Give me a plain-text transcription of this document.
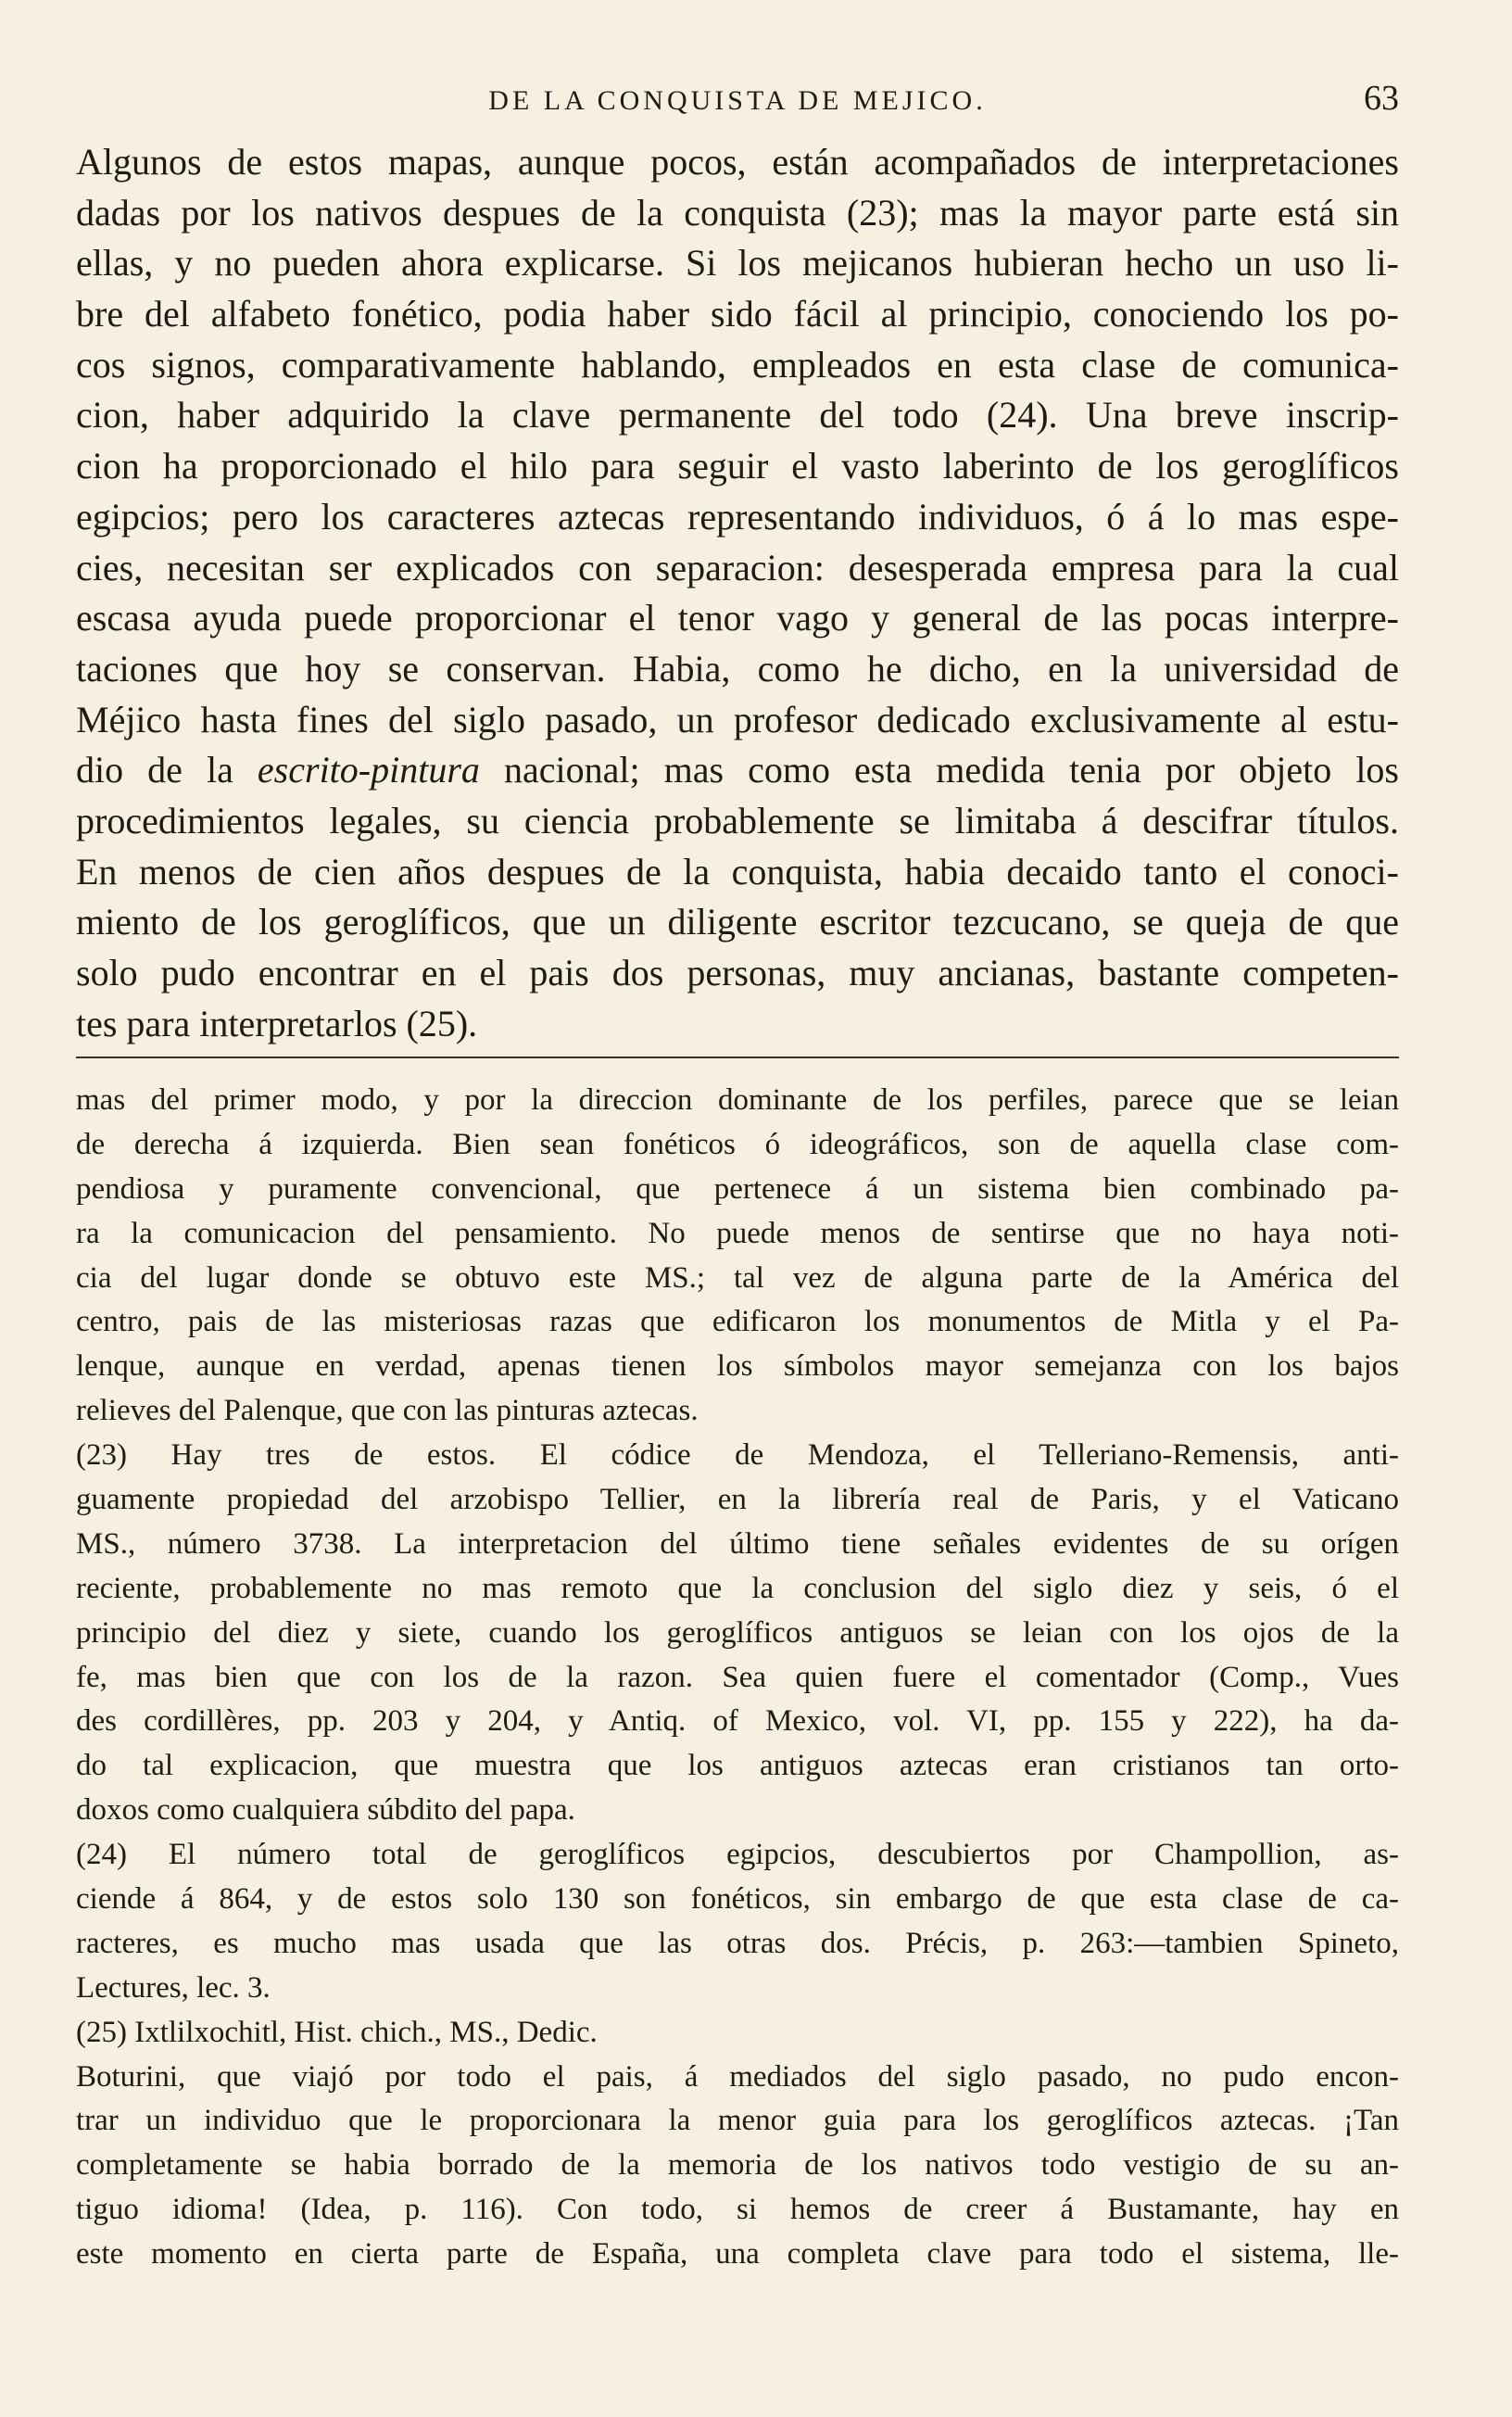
DE LA CONQUISTA DE MEJICO.	63
Algunos de estos mapas, aunque pocos, están acompañados de interpretaciones
dadas por los nativos despues de la conquista (23); mas la mayor parte está sin
ellas, y no pueden ahora explicarse. Si los mejicanos hubieran hecho un uso li-
bre del alfabeto fonético, podia haber sido fácil al principio, conociendo los po-
cos signos, comparativamente hablando, empleados en esta clase de comunica-
cion, haber adquirido la clave permanente del todo (24). Una breve inscrip-
cion ha proporcionado el hilo para seguir el vasto laberinto de los geroglíficos
egipcios; pero los caracteres aztecas representando individuos, ó á lo mas espe-
cies, necesitan ser explicados con separacion: desesperada empresa para la cual
escasa ayuda puede proporcionar el tenor vago y general de las pocas interpre-
taciones que hoy se conservan. Habia, como he dicho, en la universidad de
Méjico hasta fines del siglo pasado, un profesor dedicado exclusivamente al estu-
dio de la escrito-pintura nacional; mas como esta medida tenia por objeto los
procedimientos legales, su ciencia probablemente se limitaba á descifrar títulos.
En menos de cien años despues de la conquista, habia decaido tanto el conoci-
miento de los geroglíficos, que un diligente escritor tezcucano, se queja de que
solo pudo encontrar en el pais dos personas, muy ancianas, bastante competen-
tes para interpretarlos (25).
mas del primer modo, y por la direccion dominante de los perfiles, parece que se leian
de derecha á izquierda. Bien sean fonéticos ó ideográficos, son de aquella clase com-
pendiosa y puramente convencional, que pertenece á un sistema bien combinado pa-
ra la comunicacion del pensamiento. No puede menos de sentirse que no haya noti-
cia del lugar donde se obtuvo este MS.; tal vez de alguna parte de la América del
centro, pais de las misteriosas razas que edificaron los monumentos de Mitla y el Pa-
lenque, aunque en verdad, apenas tienen los símbolos mayor semejanza con los bajos
relieves del Palenque, que con las pinturas aztecas.
(23) Hay tres de estos. El códice de Mendoza, el Telleriano-Remensis, anti-
guamente propiedad del arzobispo Tellier, en la librería real de Paris, y el Vaticano
MS., número 3738. La interpretacion del último tiene señales evidentes de su orígen
reciente, probablemente no mas remoto que la conclusion del siglo diez y seis, ó el
principio del diez y siete, cuando los geroglíficos antiguos se leian con los ojos de la
fe, mas bien que con los de la razon. Sea quien fuere el comentador (Comp., Vues
des cordillères, pp. 203 y 204, y Antiq. of Mexico, vol. VI, pp. 155 y 222), ha da-
do tal explicacion, que muestra que los antiguos aztecas eran cristianos tan orto-
doxos como cualquiera súbdito del papa.
(24) El número total de geroglíficos egipcios, descubiertos por Champollion, as-
ciende á 864, y de estos solo 130 son fonéticos, sin embargo de que esta clase de ca-
racteres, es mucho mas usada que las otras dos. Précis, p. 263:—tambien Spineto,
Lectures, lec. 3.
(25) Ixtlilxochitl, Hist. chich., MS., Dedic.
Boturini, que viajó por todo el pais, á mediados del siglo pasado, no pudo encon-
trar un individuo que le proporcionara la menor guia para los geroglíficos aztecas. ¡Tan
completamente se habia borrado de la memoria de los nativos todo vestigio de su an-
tiguo idioma! (Idea, p. 116). Con todo, si hemos de creer á Bustamante, hay en
este momento en cierta parte de España, una completa clave para todo el sistema, lle-
